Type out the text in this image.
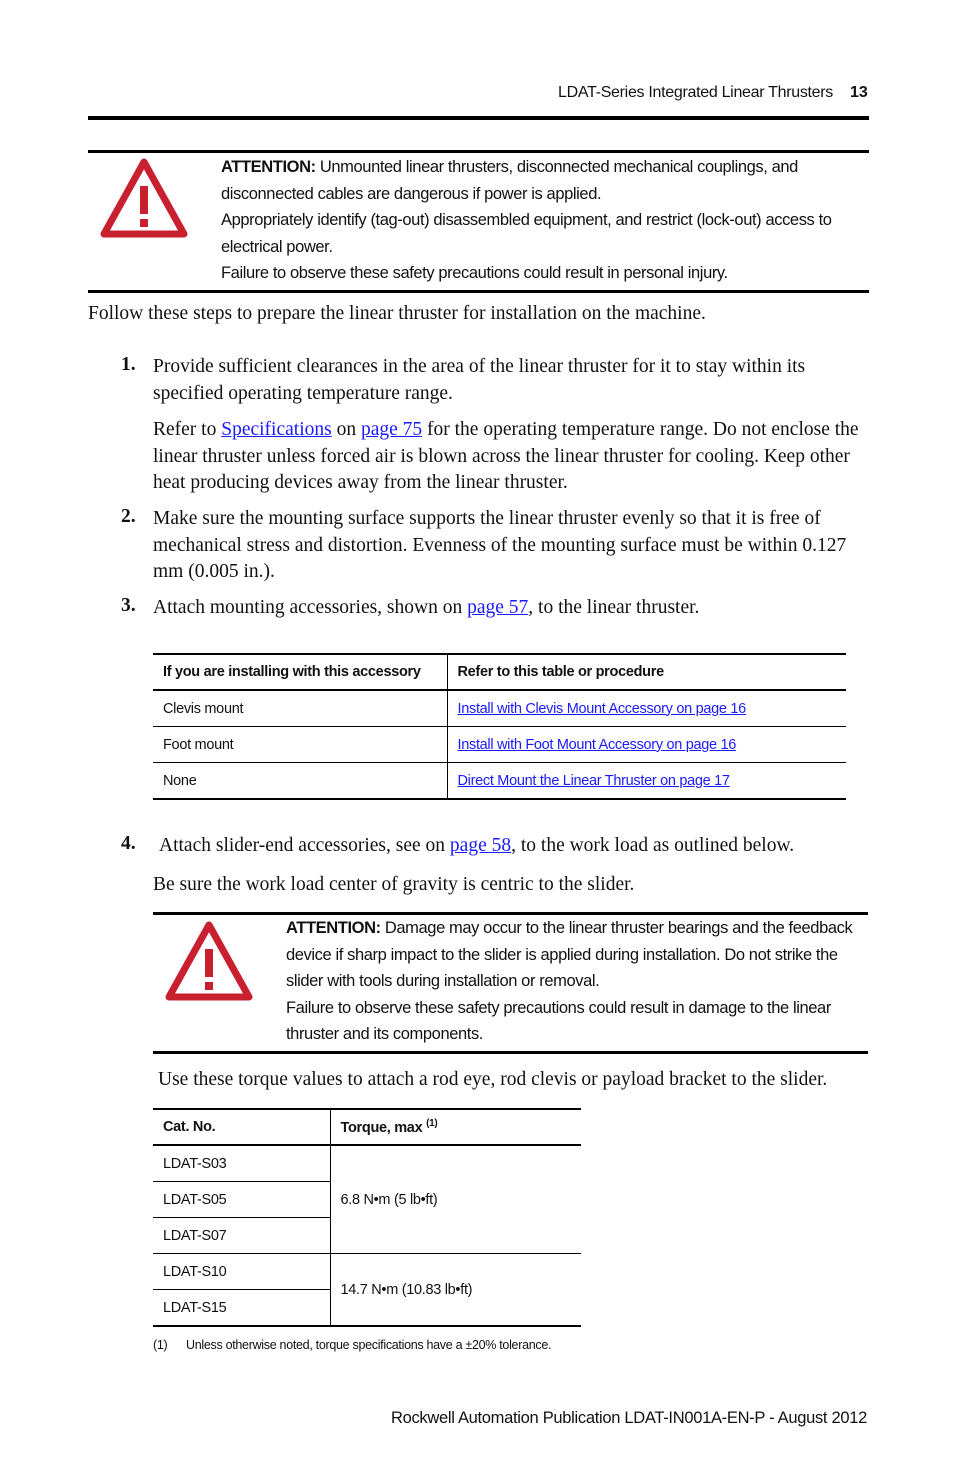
LDAT-Series Integrated Linear Thrusters 13

ATTENTION: Unmounted linear thrusters, disconnected mechanical couplings, and disconnected cables are dangerous if power is applied.

Appropriately identify (tag-out) disassembled equipment, and restrict (lock-out) access to electrical power.

Failure to observe these safety precautions could result in personal injury.

Follow these steps to prepare the linear thruster for installation on the machine.
1. Provide sufficient clearances in the area of the linear thruster for it to stay within its specified operating temperature range.

Refer to Specifications on page 75 for the operating temperature range. Do not enclose the linear thruster unless forced air is blown across the linear thruster for cooling. Keep other heat producing devices away from the linear thruster.

2. Make sure the mounting surface supports the linear thruster evenly so that it is free of mechanical stress and distortion. Evenness of the mounting surface must be within 0.127 mm (0.005 in.).

3. Attach mounting accessories, shown on page 57, to the linear thruster.

If you are installing with this accessory	Refer to this table or procedure
Clevis mount	Install with Clevis Mount Accessory on page 16
Foot mount	Install with Foot Mount Accessory on page 16
None	Direct Mount the Linear Thruster on page 17
4. Attach slider-end accessories, see on page 58, to the work load as outlined below.

Be sure the work load center of gravity is centric to the slider.

ATTENTION: Damage may occur to the linear thruster bearings and the feedback device if sharp impact to the slider is applied during installation. Do not strike the slider with tools during installation or removal.

Failure to observe these safety precautions could result in damage to the linear thruster and its components.

Use these torque values to attach a rod eye, rod clevis or payload bracket to the slider.
Cat. No.	Torque, max $^{(1)}$
LDAT-S03	6.8 N•m (5 lb•ft)
LDAT-S05	
LDAT-S07	
LDAT-S10	14.7 N•m (10.83 lb•ft)
LDAT-S15	
(1) Unless otherwise noted, torque specifications have a ±20% tolerance.
Rockwell Automation Publication LDAT-IN001A-EN-P - August 2012
